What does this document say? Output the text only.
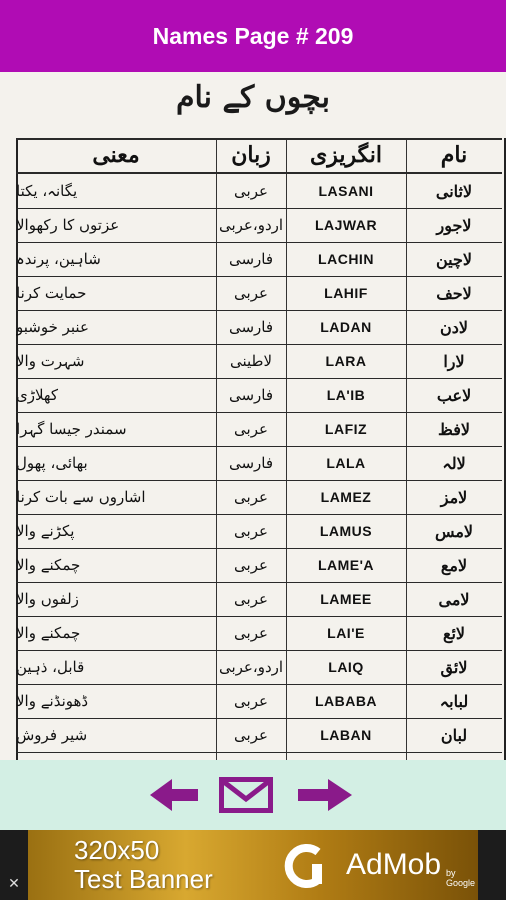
Names Page # 209
بچوں کے نام
معنی	زبان	انگریزی	نام
یگانہ، یکتا	عربی	LASANI	لاثانی
عزتوں کا رکھوالا	اردو،عربی	LAJWAR	لاجور
شاہین، پرندہ	فارسی	LACHIN	لاچین
حمایت کرنا	عربی	LAHIF	لاحف
عنبر خوشبو	فارسی	LADAN	لادن
شہرت والا	لاطینی	LARA	لارا
کھلاڑی	فارسی	LA'IB	لاعب
سمندر جیسا گہرا	عربی	LAFIZ	لافظ
بھائی، پھول	فارسی	LALA	لالہ
اشاروں سے بات کرنا	عربی	LAMEZ	لامز
پکڑنے والا	عربی	LAMUS	لامس
چمکنے والا	عربی	LAME'A	لامع
زلفوں والا	عربی	LAMEE	لامی
چمکنے والا	عربی	LAI'E	لائع
قابل، ذہین	اردو،عربی	LAIQ	لائق
ڈھونڈنے والا	عربی	LABABA	لبابہ
شیر فروش	عربی	LABAN	لبان
320x50
Test Banner	AdMob by Google
✕
